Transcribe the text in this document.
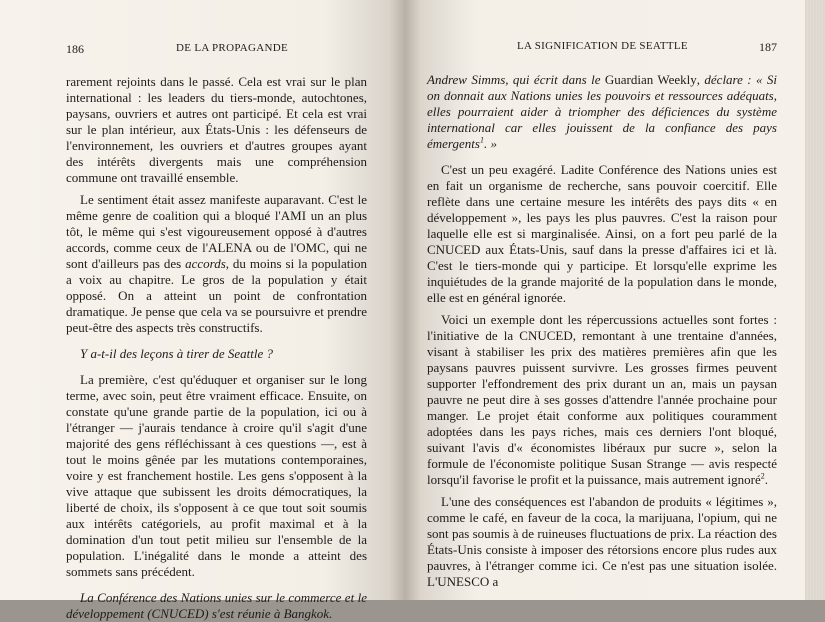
186	DE LA PROPAGANDE

rarement rejoints dans le passé. Cela est vrai sur le plan international : les leaders du tiers-monde, autochtones, paysans, ouvriers et autres ont participé. Et cela est vrai sur le plan intérieur, aux États-Unis : les défenseurs de l'environnement, les ouvriers et d'autres groupes ayant des intérêts divergents mais une compréhension commune ont travaillé ensemble.

Le sentiment était assez manifeste auparavant. C'est le même genre de coalition qui a bloqué l'AMI un an plus tôt, le même qui s'est vigoureusement opposé à d'autres accords, comme ceux de l'ALENA ou de l'OMC, qui ne sont d'ailleurs pas des accords, du moins si la population a voix au chapitre. Le gros de la population y était opposé. On a atteint un point de confrontation dramatique. Je pense que cela va se poursuivre et prendre peut-être des aspects très constructifs.

Y a-t-il des leçons à tirer de Seattle ?

La première, c'est qu'éduquer et organiser sur le long terme, avec soin, peut être vraiment efficace. Ensuite, on constate qu'une grande partie de la population, ici ou à l'étranger — j'aurais tendance à croire qu'il s'agit d'une majorité des gens réfléchissant à ces questions —, est à tout le moins gênée par les mutations contemporaines, voire y est franchement hostile. Les gens s'opposent à la vive attaque que subissent les droits démocratiques, la liberté de choix, ils s'opposent à ce que tout soit soumis aux intérêts catégoriels, au profit maximal et à la domination d'un tout petit milieu sur l'ensemble de la population. L'inégalité dans le monde a atteint des sommets sans précédent.

La Conférence des Nations unies sur le commerce et le développement (CNUCED) s'est réunie à Bangkok.

LA SIGNIFICATION DE SEATTLE	187

Andrew Simms, qui écrit dans le Guardian Weekly, déclare : « Si on donnait aux Nations unies les pouvoirs et ressources adéquats, elles pourraient aider à triompher des déficiences du système international car elles jouissent de la confiance des pays émergents$^1$. »

C'est un peu exagéré. Ladite Conférence des Nations unies est en fait un organisme de recherche, sans pouvoir coercitif. Elle reflète dans une certaine mesure les intérêts des pays dits « en développement », les pays les plus pauvres. C'est la raison pour laquelle elle est si marginalisée. Ainsi, on a fort peu parlé de la CNUCED aux États-Unis, sauf dans la presse d'affaires ici et là. C'est le tiers-monde qui y participe. Et lorsqu'elle exprime les inquiétudes de la grande majorité de la population dans le monde, elle est en général ignorée.

Voici un exemple dont les répercussions actuelles sont fortes : l'initiative de la CNUCED, remontant à une trentaine d'années, visant à stabiliser les prix des matières premières afin que les paysans pauvres puissent survivre. Les grosses firmes peuvent supporter l'effondrement des prix durant un an, mais un paysan pauvre ne peut dire à ses gosses d'attendre l'année prochaine pour manger. Le projet était conforme aux politiques couramment adoptées dans les pays riches, mais ces derniers l'ont bloqué, suivant l'avis d'« économistes libéraux pur sucre », selon la formule de l'économiste politique Susan Strange — avis respecté lorsqu'il favorise le profit et la puissance, mais autrement ignoré$^2$.

L'une des conséquences est l'abandon de produits « légitimes », comme le café, en faveur de la coca, la marijuana, l'opium, qui ne sont pas soumis à de ruineuses fluctuations de prix. La réaction des États-Unis consiste à imposer des rétorsions encore plus rudes aux pauvres, à l'étranger comme ici. Ce n'est pas une situation isolée. L'UNESCO a
